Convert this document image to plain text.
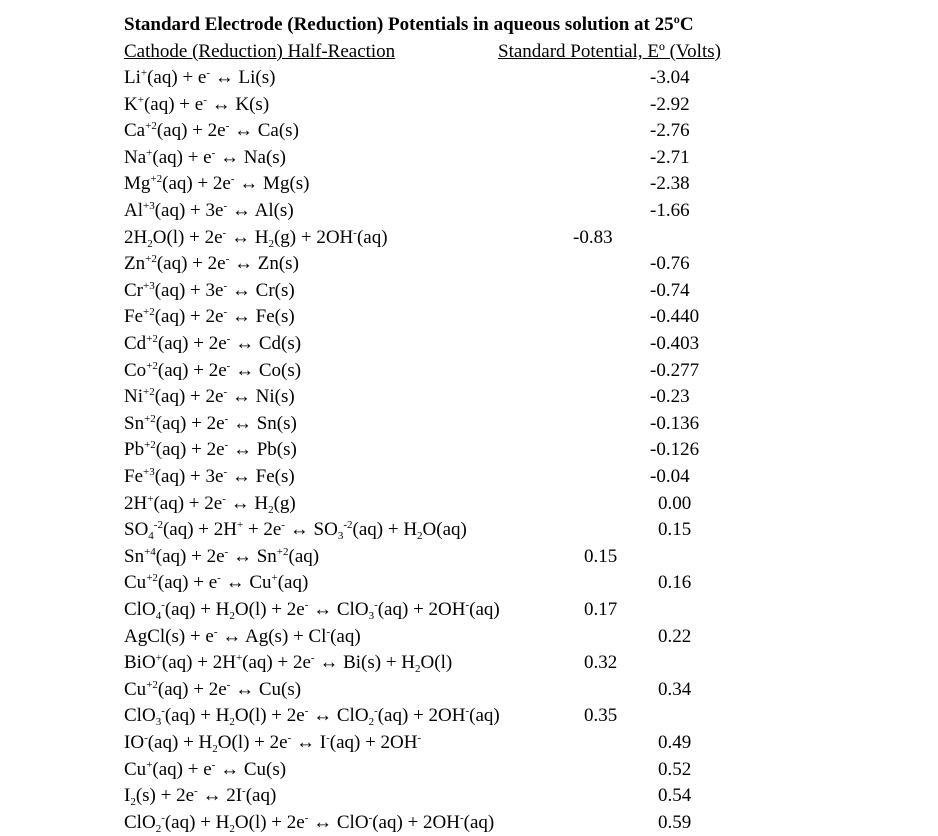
Standard Electrode (Reduction) Potentials in aqueous solution at 25ºC
Cathode (Reduction) Half-Reaction	Standard Potential, Eº (Volts)
Li+(aq) + e- ↔ Li(s)	-3.04
K+(aq) + e- ↔ K(s)	-2.92
$Ca^{+2}(aq) + 2e^-$ ↔ Ca(s)	-2.76
Na+(aq) + e- ↔ Na(s)	-2.71
$Mg^{+2}(aq) + 2e^-$ ↔ Mg(s)	-2.38
$Al^{+3}(aq) + 3e^-$ ↔ Al(s)	-1.66
$2H_2O(l) + 2e^-$ ↔ $H_2(g) + 2OH^-(aq)$	-0.83
$Zn^{+2}(aq) + 2e^-$ ↔ Zn(s)	-0.76
$Cr^{+3}(aq) + 3e^-$ ↔ Cr(s)	-0.74
$Fe^{+2}(aq) + 2e^-$ ↔ Fe(s)	-0.440
$Cd^{+2}(aq) + 2e^-$ ↔ Cd(s)	-0.403
$Co^{+2}(aq) + 2e^-$ ↔ Co(s)	-0.277
$Ni^{+2}(aq) + 2e^-$ ↔ Ni(s)	-0.23
$Sn^{+2}(aq) + 2e^-$ ↔ Sn(s)	-0.136
$Pb^{+2}(aq) + 2e^-$ ↔ Pb(s)	-0.126
$Fe^{+3}(aq) + 3e^-$ ↔ Fe(s)	-0.04
2H+(aq) + 2e- ↔ $H_2(g)$	0.00
$SO_4^{-2}(aq) + 2H^+ + 2e^-$ ↔ $SO_3^{-2}(aq) + H_2O(aq)$	0.15
$Sn^{+4}(aq) + 2e^-$ ↔ $Sn^{+2}(aq)$	0.15
$Cu^{+2}(aq) + e^-$ ↔ Cu+(aq)	0.16
$ClO_4^-(aq) + H_2O(l) + 2e^-$ ↔ ClO$_3$-(aq) + 2OH-(aq)	0.17
AgCl(s) + e- ↔ Ag(s) + Cl-(aq)	0.22
BiO+(aq) + 2H+(aq) + 2e- ↔ $Bi(s) + H_2O(l)$	0.32
$Cu^{+2}(aq) + 2e^-$ ↔ Cu(s)	0.34
$ClO_3^-(aq) + H_2O(l) + 2e^-$ ↔ ClO$_2$-(aq) + 2OH-(aq)	0.35
$IO^-(aq) + H_2O(l) + 2e^-$ ↔ I-(aq) + 2OH-	0.49
Cu+(aq) + e- ↔ Cu(s)	0.52
$I_2(s) + 2e^-$ ↔ 2I-(aq)	0.54
$ClO_2^-(aq) + H_2O(l) + 2e^-$ ↔ ClO-(aq) + 2OH-(aq)	0.59
